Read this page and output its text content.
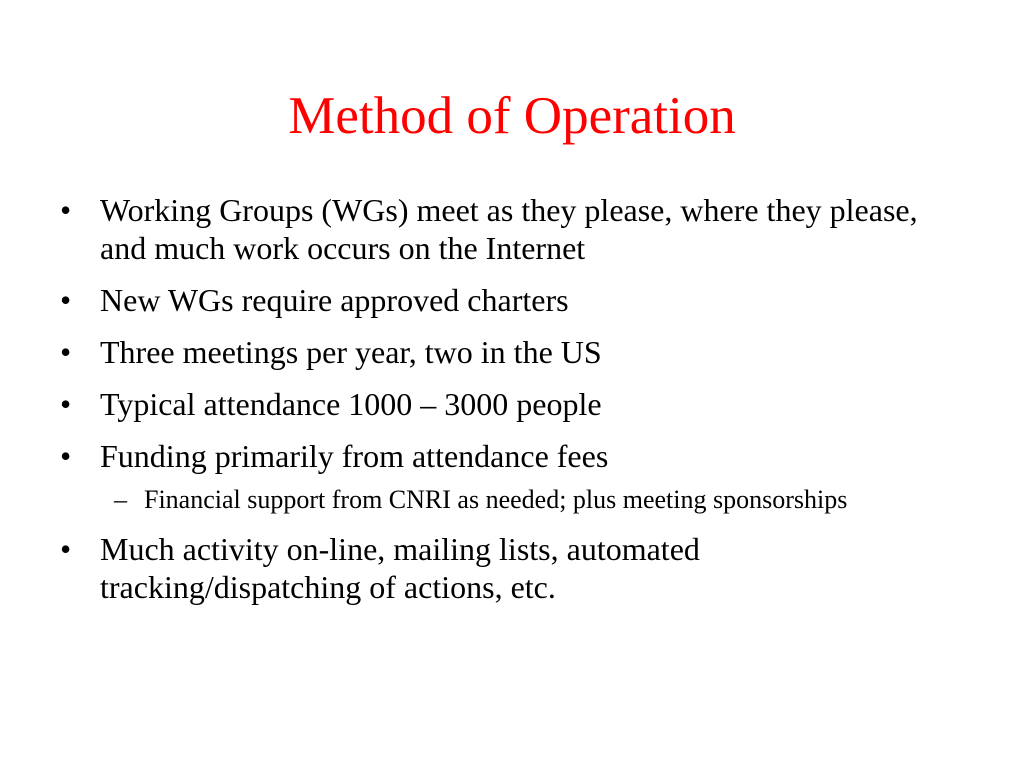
Method of Operation
• Working Groups (WGs) meet as they please, where they please, and much work occurs on the Internet
• New WGs require approved charters
• Three meetings per year, two in the US
• Typical attendance 1000 – 3000 people
• Funding primarily from attendance fees
– Financial support from CNRI as needed; plus meeting sponsorships
• Much activity on-line, mailing lists, automated tracking/dispatching of actions, etc.
